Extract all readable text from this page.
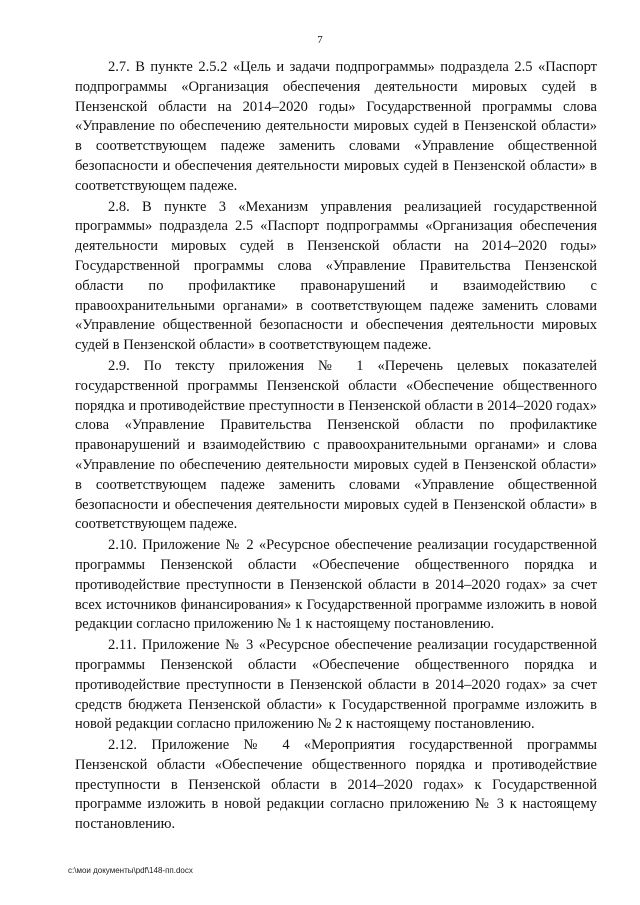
7

2.7. В пункте 2.5.2 «Цель и задачи подпрограммы» подраздела 2.5 «Паспорт подпрограммы «Организация обеспечения деятельности мировых судей в Пензенской области на 2014–2020 годы» Государственной программы слова «Управление по обеспечению деятельности мировых судей в Пензенской области» в соответствующем падеже заменить словами «Управление общественной безопасности и обеспечения деятельности мировых судей в Пензенской области» в соответствующем падеже.

2.8. В пункте 3 «Механизм управления реализацией государственной программы» подраздела 2.5 «Паспорт подпрограммы «Организация обеспечения деятельности мировых судей в Пензенской области на 2014–2020 годы» Государственной программы слова «Управление Правительства Пензенской области по профилактике правонарушений и взаимодействию с правоохранительными органами» в соответствующем падеже заменить словами «Управление общественной безопасности и обеспечения деятельности мировых судей в Пензенской области» в соответствующем падеже.

2.9. По тексту приложения № 1 «Перечень целевых показателей государственной программы Пензенской области «Обеспечение общественного порядка и противодействие преступности в Пензенской области в 2014–2020 годах» слова «Управление Правительства Пензенской области по профилактике правонарушений и взаимодействию с правоохранительными органами» и слова «Управление по обеспечению деятельности мировых судей в Пензенской области» в соответствующем падеже заменить словами «Управление общественной безопасности и обеспечения деятельности мировых судей в Пензенской области» в соответствующем падеже.

2.10. Приложение № 2 «Ресурсное обеспечение реализации государственной программы Пензенской области «Обеспечение общественного порядка и противодействие преступности в Пензенской области в 2014–2020 годах» за счет всех источников финансирования» к Государственной программе изложить в новой редакции согласно приложению № 1 к настоящему постановлению.

2.11. Приложение № 3 «Ресурсное обеспечение реализации государственной программы Пензенской области «Обеспечение общественного порядка и противодействие преступности в Пензенской области в 2014–2020 годах» за счет средств бюджета Пензенской области» к Государственной программе изложить в новой редакции согласно приложению № 2 к настоящему постановлению.

2.12. Приложение № 4 «Мероприятия государственной программы Пензенской области «Обеспечение общественного порядка и противодействие преступности в Пензенской области в 2014–2020 годах» к Государственной программе изложить в новой редакции согласно приложению № 3 к настоящему постановлению.

c:\мои документы\pdf\148-пп.docx
